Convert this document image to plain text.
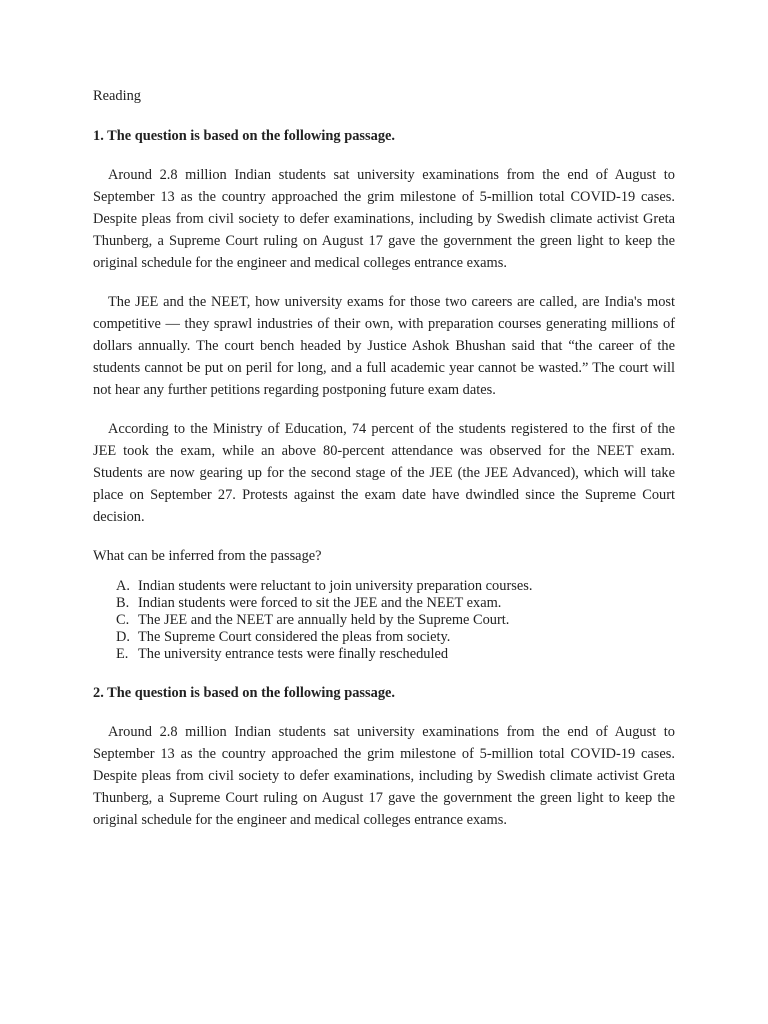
Reading
1. The question is based on the following passage.

Around 2.8 million Indian students sat university examinations from the end of August to September 13 as the country approached the grim milestone of 5-million total COVID-19 cases. Despite pleas from civil society to defer examinations, including by Swedish climate activist Greta Thunberg, a Supreme Court ruling on August 17 gave the government the green light to keep the original schedule for the engineer and medical colleges entrance exams.

The JEE and the NEET, how university exams for those two careers are called, are India's most competitive — they sprawl industries of their own, with preparation courses generating millions of dollars annually. The court bench headed by Justice Ashok Bhushan said that “the career of the students cannot be put on peril for long, and a full academic year cannot be wasted.” The court will not hear any further petitions regarding postponing future exam dates.

According to the Ministry of Education, 74 percent of the students registered to the first of the JEE took the exam, while an above 80-percent attendance was observed for the NEET exam. Students are now gearing up for the second stage of the JEE (the JEE Advanced), which will take place on September 27. Protests against the exam date have dwindled since the Supreme Court decision.

What can be inferred from the passage?
A. Indian students were reluctant to join university preparation courses.
B. Indian students were forced to sit the JEE and the NEET exam.
C. The JEE and the NEET are annually held by the Supreme Court.
D. The Supreme Court considered the pleas from society.
E. The university entrance tests were finally rescheduled
2. The question is based on the following passage.

Around 2.8 million Indian students sat university examinations from the end of August to September 13 as the country approached the grim milestone of 5-million total COVID-19 cases. Despite pleas from civil society to defer examinations, including by Swedish climate activist Greta Thunberg, a Supreme Court ruling on August 17 gave the government the green light to keep the original schedule for the engineer and medical colleges entrance exams.
